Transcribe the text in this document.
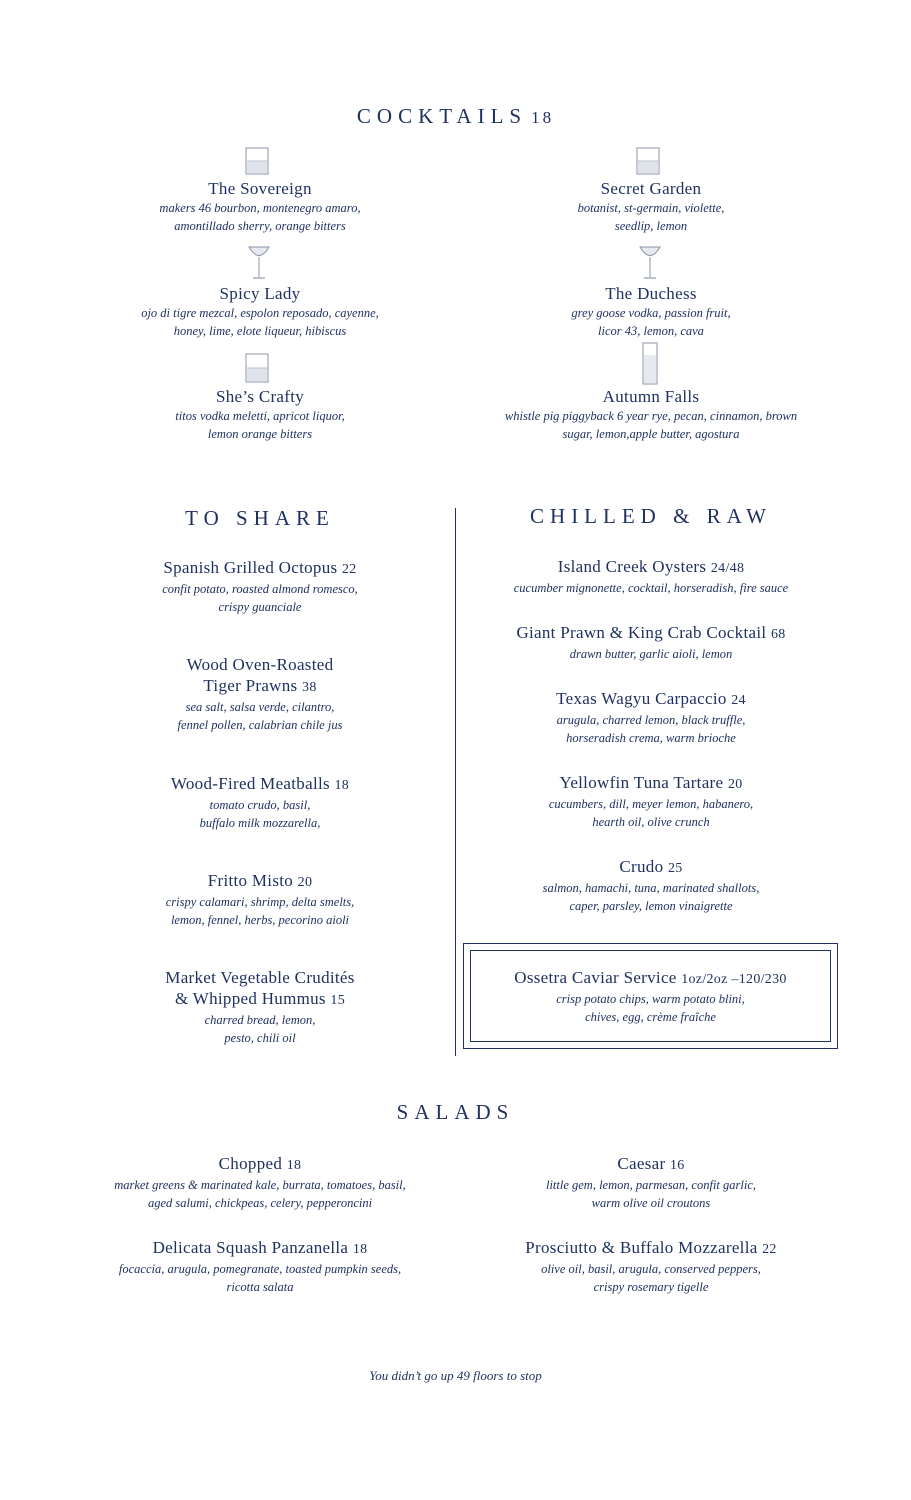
COCKTAILS 18
The Sovereign
makers 46 bourbon, montenegro amaro,
amontillado sherry, orange bitters
Secret Garden
botanist, st-germain, violette,
seedlip, lemon
Spicy Lady
ojo di tigre mezcal, espolon reposado, cayenne,
honey, lime, elote liqueur, hibiscus
The Duchess
grey goose vodka, passion fruit,
licor 43, lemon, cava
She’s Crafty
titos vodka meletti, apricot liquor,
lemon orange bitters
Autumn Falls
whistle pig piggyback 6 year rye, pecan, cinnamon, brown
sugar, lemon,apple butter, agostura
TO SHARE
Spanish Grilled Octopus 22
confit potato, roasted almond romesco,
crispy guanciale
Wood Oven-Roasted
Tiger Prawns 38
sea salt, salsa verde, cilantro,
fennel pollen, calabrian chile jus
Wood-Fired Meatballs 18
tomato crudo, basil,
buffalo milk mozzarella,
Fritto Misto 20
crispy calamari, shrimp, delta smelts,
lemon, fennel, herbs, pecorino aioli
Market Vegetable Crudités
& Whipped Hummus 15
charred bread, lemon,
pesto, chili oil
CHILLED & RAW
Island Creek Oysters 24/48
cucumber mignonette, cocktail, horseradish, fire sauce
Giant Prawn & King Crab Cocktail 68
drawn butter, garlic aioli, lemon
Texas Wagyu Carpaccio 24
arugula, charred lemon, black truffle,
horseradish crema, warm brioche
Yellowfin Tuna Tartare 20
cucumbers, dill, meyer lemon, habanero,
hearth oil, olive crunch
Crudo 25
salmon, hamachi, tuna, marinated shallots,
caper, parsley, lemon vinaigrette
Ossetra Caviar Service 1oz/2oz –120/230
crisp potato chips, warm potato blini,
chives, egg, crème fraîche
SALADS
Chopped 18
market greens & marinated kale, burrata, tomatoes, basil,
aged salumi, chickpeas, celery, pepperoncini
Caesar 16
little gem, lemon, parmesan, confit garlic,
warm olive oil croutons
Delicata Squash Panzanella 18
focaccia, arugula, pomegranate, toasted pumpkin seeds,
ricotta salata
Prosciutto & Buffalo Mozzarella 22
olive oil, basil, arugula, conserved peppers,
crispy rosemary tigelle
You didn’t go up 49 floors to stop
